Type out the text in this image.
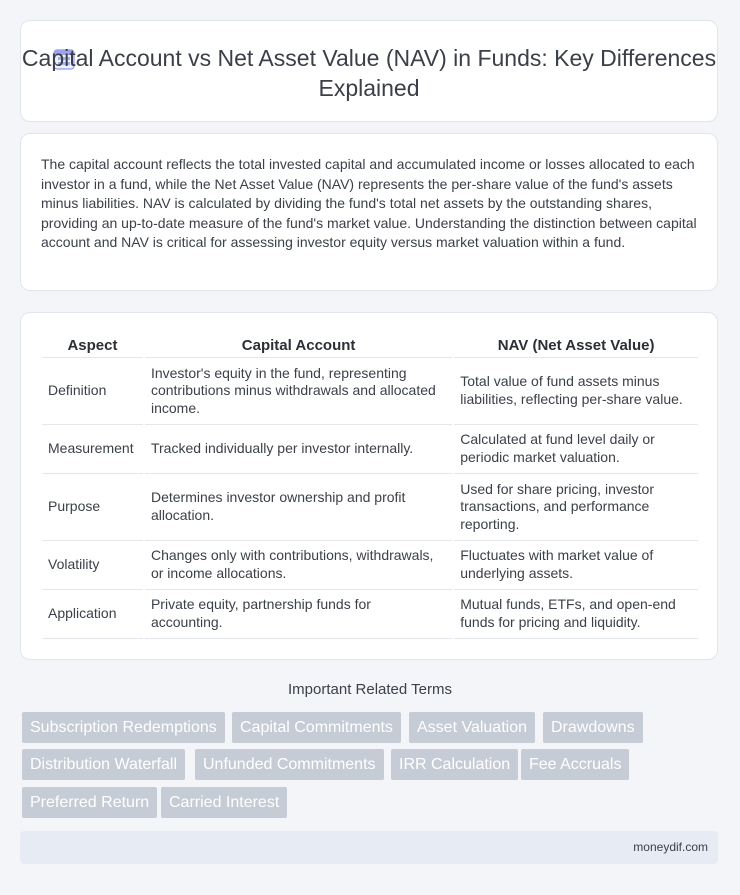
Capital Account vs Net Asset Value (NAV) in Funds: Key Differences Explained
The capital account reflects the total invested capital and accumulated income or losses allocated to each investor in a fund, while the Net Asset Value (NAV) represents the per-share value of the fund's assets minus liabilities. NAV is calculated by dividing the fund's total net assets by the outstanding shares, providing an up-to-date measure of the fund's market value. Understanding the distinction between capital account and NAV is critical for assessing investor equity versus market valuation within a fund.
Aspect	Capital Account	NAV (Net Asset Value)
Definition	Investor's equity in the fund, representing contributions minus withdrawals and allocated income.	Total value of fund assets minus liabilities, reflecting per-share value.
Measurement	Tracked individually per investor internally.	Calculated at fund level daily or periodic market valuation.
Purpose	Determines investor ownership and profit allocation.	Used for share pricing, investor transactions, and performance reporting.
Volatility	Changes only with contributions, withdrawals, or income allocations.	Fluctuates with market value of underlying assets.
Application	Private equity, partnership funds for accounting.	Mutual funds, ETFs, and open-end funds for pricing and liquidity.
Important Related Terms
Subscription Redemptions	Capital Commitments	Asset Valuation	Drawdowns
Distribution Waterfall	Unfunded Commitments	IRR Calculation	Fee Accruals
Preferred Return	Carried Interest
moneydif.com
